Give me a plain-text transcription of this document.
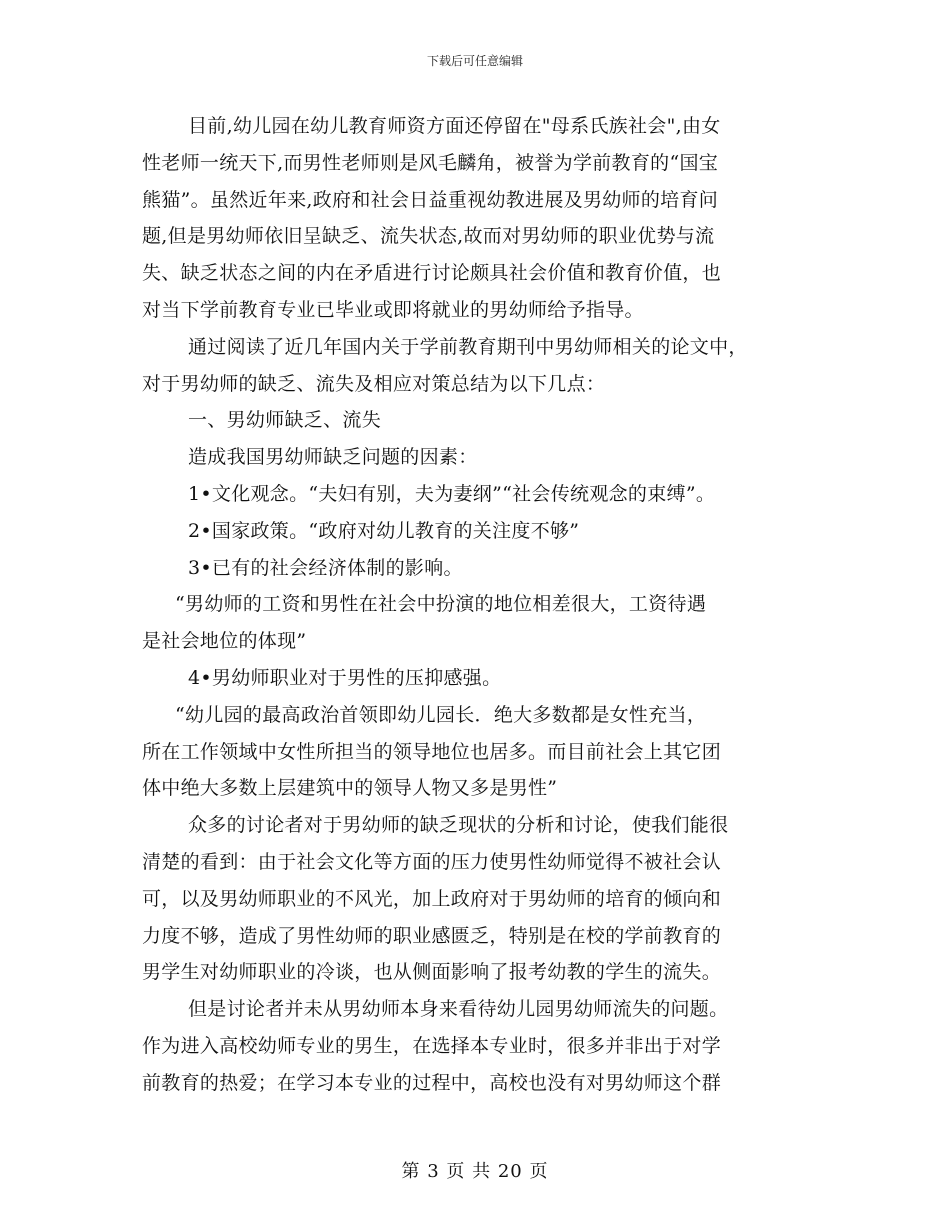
下载后可任意编辑
目前,幼儿园在幼儿教育师资方面还停留在"母系氏族社会",由女
性老师一统天下,而男性老师则是风毛麟角，被誉为学前教育的“国宝
熊猫”。虽然近年来,政府和社会日益重视幼教进展及男幼师的培育问
题,但是男幼师依旧呈缺乏、流失状态,故而对男幼师的职业优势与流
失、缺乏状态之间的内在矛盾进行讨论颇具社会价值和教育价值，也
对当下学前教育专业已毕业或即将就业的男幼师给予指导。
通过阅读了近几年国内关于学前教育期刊中男幼师相关的论文中，
对于男幼师的缺乏、流失及相应对策总结为以下几点：
一、男幼师缺乏、流失
造成我国男幼师缺乏问题的因素：
1•文化观念。“夫妇有别，夫为妻纲”“社会传统观念的束缚”。
2•国家政策。“政府对幼儿教育的关注度不够”
3•已有的社会经济体制的影响。
“男幼师的工资和男性在社会中扮演的地位相差很大，工资待遇
是社会地位的体现”
4•男幼师职业对于男性的压抑感强。
“幼儿园的最高政治首领即幼儿园长．绝大多数都是女性充当，
所在工作领域中女性所担当的领导地位也居多。而目前社会上其它团
体中绝大多数上层建筑中的领导人物又多是男性”
众多的讨论者对于男幼师的缺乏现状的分析和讨论，使我们能很
清楚的看到：由于社会文化等方面的压力使男性幼师觉得不被社会认
可，以及男幼师职业的不风光，加上政府对于男幼师的培育的倾向和
力度不够，造成了男性幼师的职业感匮乏，特别是在校的学前教育的
男学生对幼师职业的冷谈，也从侧面影响了报考幼教的学生的流失。
但是讨论者并未从男幼师本身来看待幼儿园男幼师流失的问题。
作为进入高校幼师专业的男生，在选择本专业时，很多并非出于对学
前教育的热爱；在学习本专业的过程中，高校也没有对男幼师这个群
第 3 页 共 20 页
